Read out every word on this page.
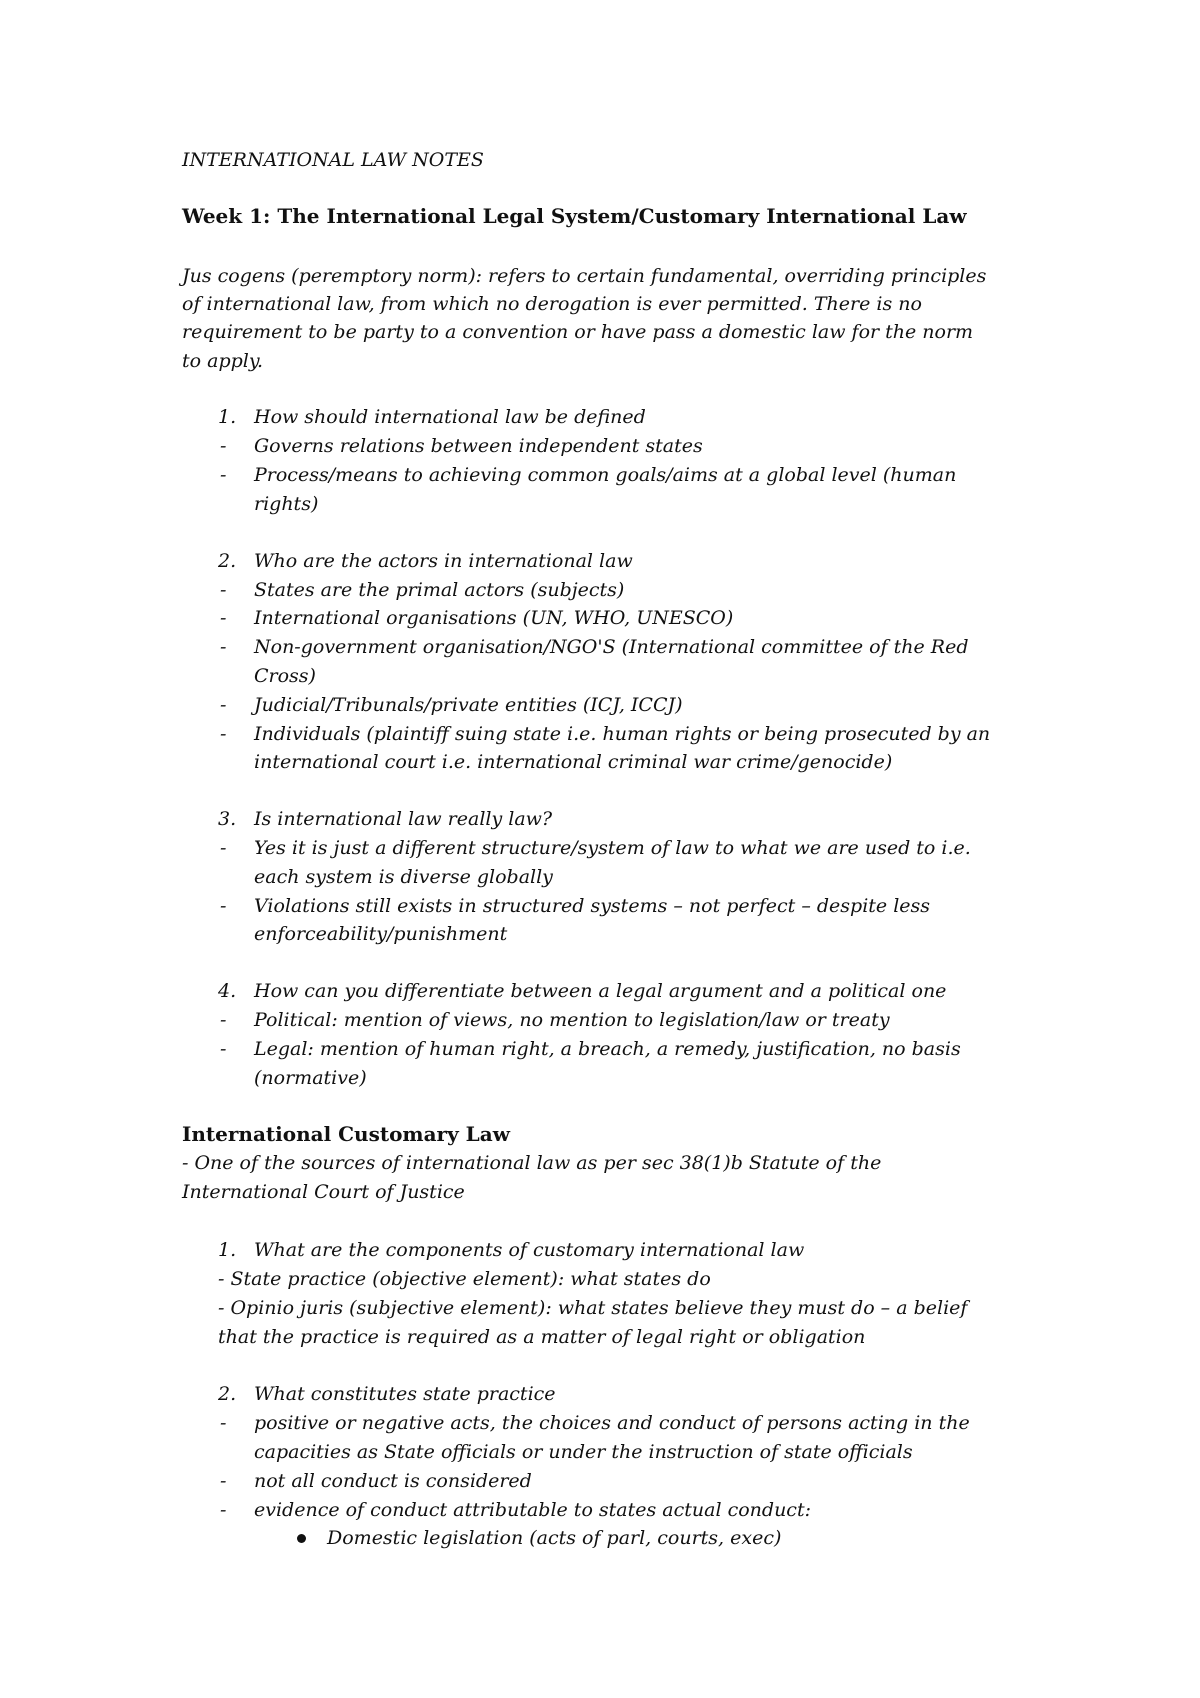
INTERNATIONAL LAW NOTES
Week 1: The International Legal System/Customary International Law
Jus cogens (peremptory norm): refers to certain fundamental, overriding principles
of international law, from which no derogation is ever permitted. There is no
requirement to be party to a convention or have pass a domestic law for the norm
to apply.
1. How should international law be defined
- Governs relations between independent states
- Process/means to achieving common goals/aims at a global level (human
rights)
2. Who are the actors in international law
- States are the primal actors (subjects)
- International organisations (UN, WHO, UNESCO)
- Non-government organisation/NGO'S (International committee of the Red
Cross)
- Judicial/Tribunals/private entities (ICJ, ICCJ)
- Individuals (plaintiff suing state i.e. human rights or being prosecuted by an
international court i.e. international criminal war crime/genocide)
3. Is international law really law?
- Yes it is just a different structure/system of law to what we are used to i.e.
each system is diverse globally
- Violations still exists in structured systems – not perfect – despite less
enforceability/punishment
4. How can you differentiate between a legal argument and a political one
- Political: mention of views, no mention to legislation/law or treaty
- Legal: mention of human right, a breach, a remedy, justification, no basis
(normative)
International Customary Law
- One of the sources of international law as per sec 38(1)b Statute of the
International Court of Justice
1. What are the components of customary international law
- State practice (objective element): what states do
- Opinio juris (subjective element): what states believe they must do – a belief
that the practice is required as a matter of legal right or obligation
2. What constitutes state practice
- positive or negative acts, the choices and conduct of persons acting in the
capacities as State officials or under the instruction of state officials
- not all conduct is considered
- evidence of conduct attributable to states actual conduct:
Domestic legislation (acts of parl, courts, exec)
